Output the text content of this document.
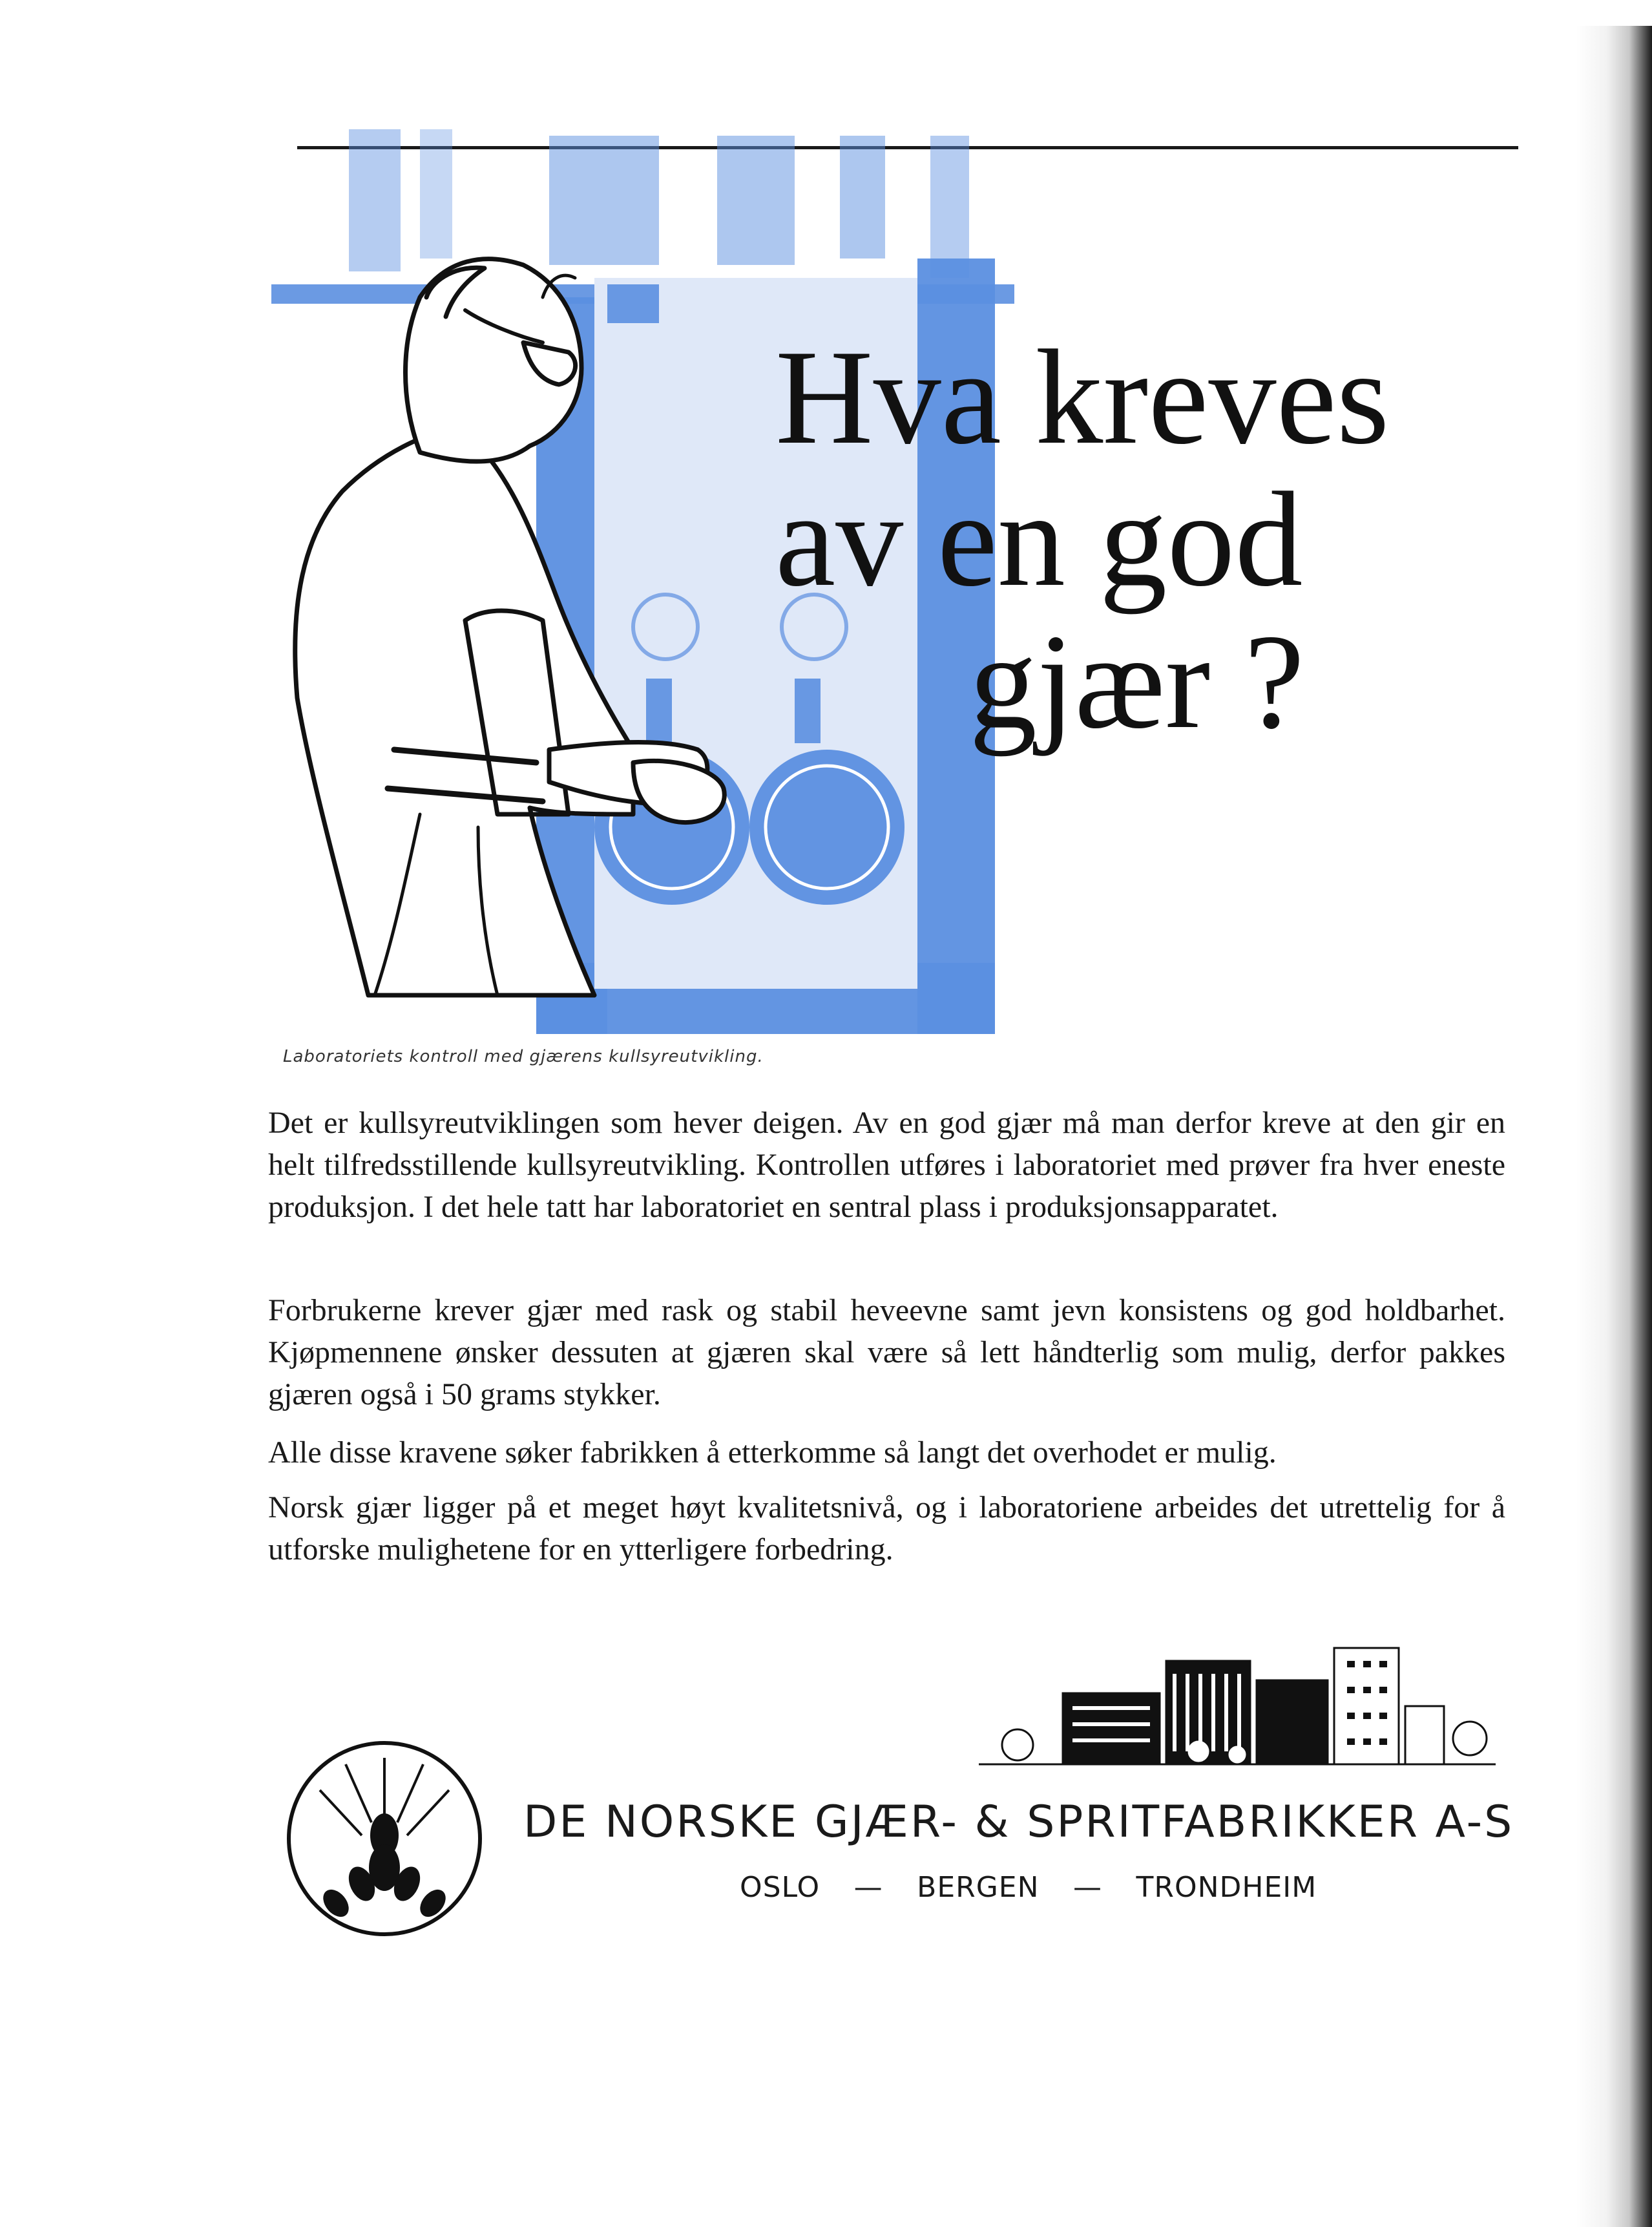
Hva kreves
av en god
gjær ?
Laboratoriets kontroll med gjærens kullsyreutvikling.

Det er kullsyreutviklingen som hever deigen. Av en god gjær må man derfor kreve at den gir en helt tilfredsstillende kullsyreutvikling. Kontrollen utføres i laboratoriet med prøver fra hver eneste produksjon. I det hele tatt har laboratoriet en sentral plass i produksjonsapparatet.

Forbrukerne krever gjær med rask og stabil heveevne samt jevn konsistens og god holdbarhet. Kjøpmennene ønsker dessuten at gjæren skal være så lett håndterlig som mulig, derfor pakkes gjæren også i 50 grams stykker.

Alle disse kravene søker fabrikken å etterkomme så langt det overhodet er mulig.

Norsk gjær ligger på et meget høyt kvalitetsnivå, og i laboratoriene arbeides det utrettelig for å utforske mulighetene for en ytterligere forbedring.

DE NORSKE GJÆR- & SPRITFABRIKKER A-S
OSLO — BERGEN — TRONDHEIM
